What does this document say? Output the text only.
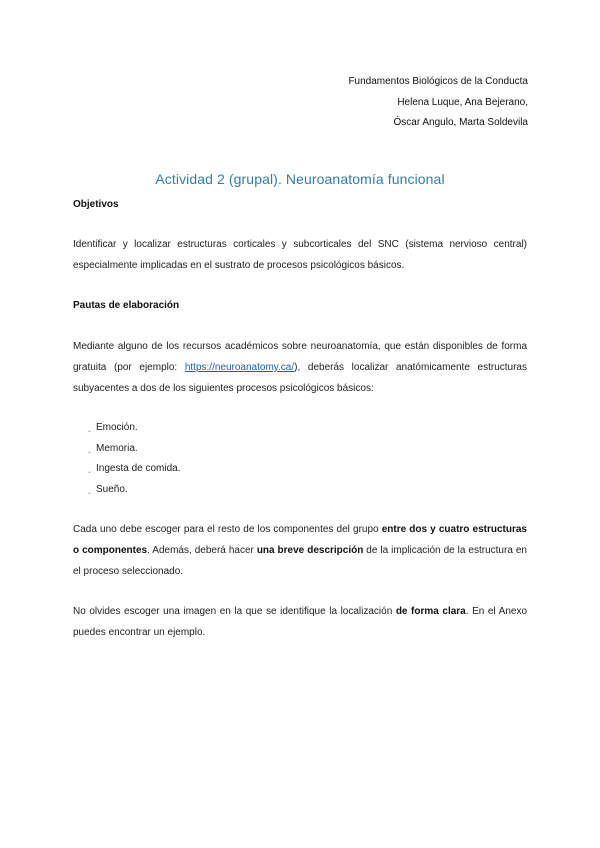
Fundamentos Biológicos de la Conducta
Helena Luque, Ana Bejerano,
Óscar Angulo, Marta Soldevila
Actividad 2 (grupal). Neuroanatomía funcional
Objetivos
Identificar y localizar estructuras corticales y subcorticales del SNC (sistema nervioso central) especialmente implicadas en el sustrato de procesos psicológicos básicos.
Pautas de elaboración
Mediante alguno de los recursos académicos sobre neuroanatomía, que están disponibles de forma gratuita (por ejemplo: https://neuroanatomy.ca/), deberás localizar anatómicamente estructuras subyacentes a dos de los siguientes procesos psicológicos básicos:
⌄ Emoción.
⌄ Memoria.
⌄ Ingesta de comida.
⌄ Sueño.
Cada uno debe escoger para el resto de los componentes del grupo entre dos y cuatro estructuras o componentes. Además, deberá hacer una breve descripción de la implicación de la estructura en el proceso seleccionado.
No olvides escoger una imagen en la que se identifique la localización de forma clara. En el Anexo puedes encontrar un ejemplo.
